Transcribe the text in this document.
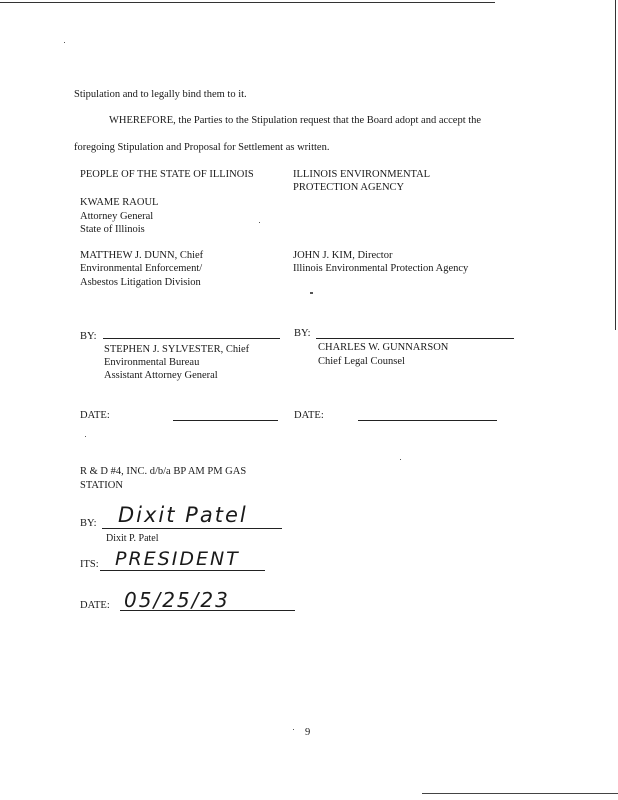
Stipulation and to legally bind them to it.
WHEREFORE, the Parties to the Stipulation request that the Board adopt and accept the
foregoing Stipulation and Proposal for Settlement as written.
PEOPLE OF THE STATE OF ILLINOIS
KWAME RAOUL
Attorney General
State of Illinois
MATTHEW J. DUNN, Chief
Environmental Enforcement/
Asbestos Litigation Division
BY:
STEPHEN J. SYLVESTER, Chief
Environmental Bureau
Assistant Attorney General
DATE:
ILLINOIS ENVIRONMENTAL
PROTECTION AGENCY
JOHN J. KIM, Director
Illinois Environmental Protection Agency
BY:
CHARLES W. GUNNARSON
Chief Legal Counsel
DATE:
R & D #4, INC. d/b/a BP AM PM GAS
STATION
BY: Dixit Patel
Dixit P. Patel
ITS: PRESIDENT
DATE: 05/25/23
9
